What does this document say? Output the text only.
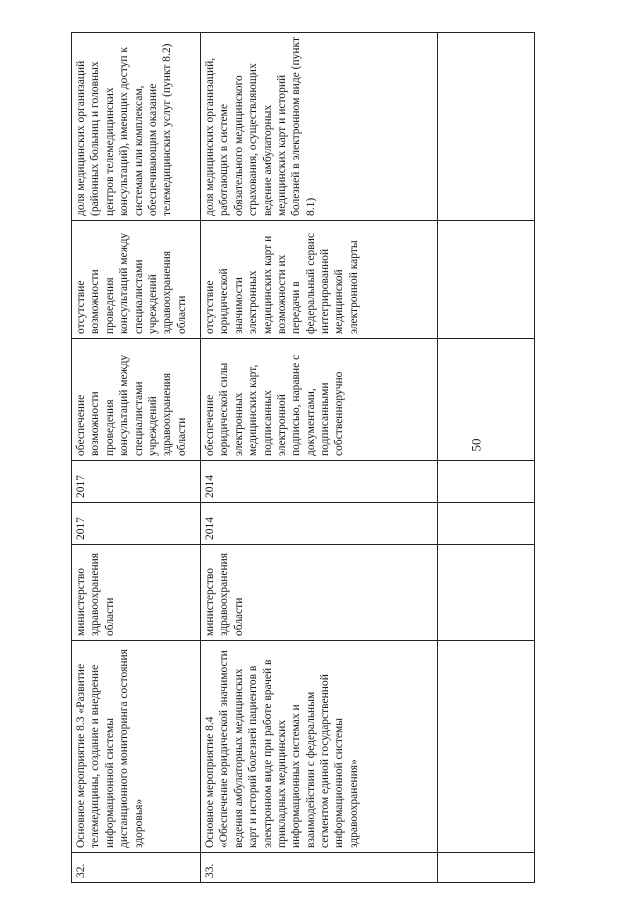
50
32.	Основное мероприятие 8.3 «Развитие телемедицины, создание и внедрение информационной системы дистанционного мониторинга состояния здоровья»	министерство здравоохранения области	2017	2017	обеспечение возможности проведения консультаций между специалистами учреждений здравоохранения области	отсутствие возможности проведения консультаций между специалистами учреждений здравоохранения области	доля медицинских организаций (районных больниц и головных центров телемедицинских консультаций), имеющих доступ к системам или комплексам, обеспечивающим оказание телемедицинских услуг (пункт 8.2)
33.	Основное мероприятие 8.4 «Обеспечение юридической значимости ведения амбулаторных медицинских карт и историй болезней пациентов в электронном виде при работе врачей в прикладных медицинских информационных системах и взаимодействии с федеральным сегментом единой государственной информационной системы здравоохранения»	министерство здравоохранения области	2014	2014	обеспечение юридической силы электронных медицинских карт, подписанных электронной подписью, наравне с документами, подписанными собственноручно	отсутствие юридической значимости электронных медицинских карт и возможности их передачи в федеральный сервис интегрированной медицинской электронной карты	доля медицинских организаций, работающих в системе обязательного медицинского страхования, осуществляющих ведение амбулаторных медицинских карт и историй болезней в электронном виде (пункт 8.1)
